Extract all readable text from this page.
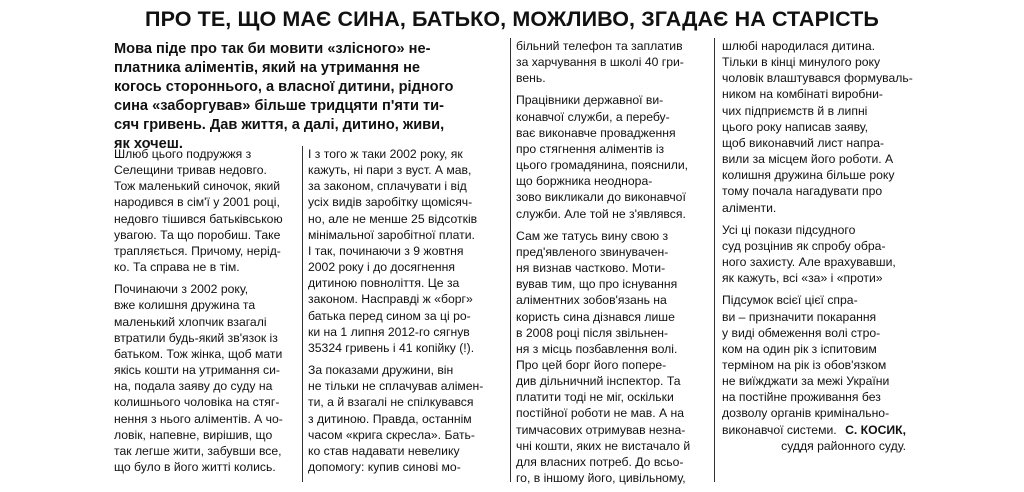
ПРО ТЕ, ЩО МАЄ СИНА, БАТЬКО, МОЖЛИВО, ЗГАДАЄ НА СТАРІСТЬ

Мова піде про так би мовити «злісного» не-

платника аліментів, який на утримання не

когось стороннього, а власної дитини, рідного

сина «заборгував» більше тридцяти п'яти ти-

сяч гривень. Дав життя, а далі, дитино, живи,

як хочеш.

Шлюб цього подружжя з

Селещини тривав недовго.

Тож маленький синочок, який

народився в сім'ї у 2001 році,

недовго тішився батьківською

увагою. Та що поробиш. Таке

трапляється. Причому, нерід-

ко. Та справа не в тім.

Починаючи з 2002 року,

вже колишня дружина та

маленький хлопчик взагалі

втратили будь-який зв'язок із

батьком. Тож жінка, щоб мати

якісь кошти на утримання си-

на, подала заяву до суду на

колишнього чоловіка на стяг-

нення з нього аліментів. А чо-

ловік, напевне, вирішив, що

так легше жити, забувши все,

що було в його житті колись.

І з того ж таки 2002 року, як

кажуть, ні пари з вуст. А мав,

за законом, сплачувати і від

усіх видів заробітку щомісяч-

но, але не менше 25 відсотків

мінімальної заробітної плати.

І так, починаючи з 9 жовтня

2002 року і до досягнення

дитиною повноліття. Це за

законом. Насправді ж «борг»

батька перед сином за ці ро-

ки на 1 липня 2012-го сягнув

35324 гривень і 41 копійку (!).

За показами дружини, він

не тільки не сплачував алімен-

ти, а й взагалі не спілкувався

з дитиною. Правда, останнім

часом «крига скресла». Бать-

ко став надавати невелику

допомогу: купив синові мо-

більний телефон та заплатив

за харчування в школі 40 гри-

вень.

Працівники державної ви-

конавчої служби, а перебу-

ває виконавче провадження

про стягнення аліментів із

цього громадянина, пояснили,

що боржника неоднора-

зово викликали до виконавчої

служби. Але той не з'являвся.

Сам же татусь вину свою з

пред'явленого звинувачен-

ня визнав частково. Моти-

вував тим, що про існування

аліментних зобов'язань на

користь сина дізнався лише

в 2008 році після звільнен-

ня з місць позбавлення волі.

Про цей борг його попере-

див дільничний інспектор. Та

платити тоді не міг, оскільки

постійної роботи не мав. А на

тимчасових отримував незна-

чні кошти, яких не вистачало й

для власних потреб. До всьо-

го, в іншому його, цивільному,

шлюбі народилася дитина.

Тільки в кінці минулого року

чоловік влаштувався формуваль-

ником на комбінаті виробни-

чих підприємств й в липні

цього року написав заяву,

щоб виконавчий лист напра-

вили за місцем його роботи. А

колишня дружина більше року

тому почала нагадувати про

аліменти.

Усі ці покази підсудного

суд розцінив як спробу обра-

ного захисту. Але врахувавши,

як кажуть, всі «за» і «проти»

Підсумок всієї цієї спра-

ви – призначити покарання

у виді обмеження волі стро-

ком на один рік з іспитовим

терміном на рік із обов'язком

не виїжджати за межі України

на постійне проживання без

дозволу органів кримінально-

виконавчої системи. С. КОСИК,
суддя районного суду.
